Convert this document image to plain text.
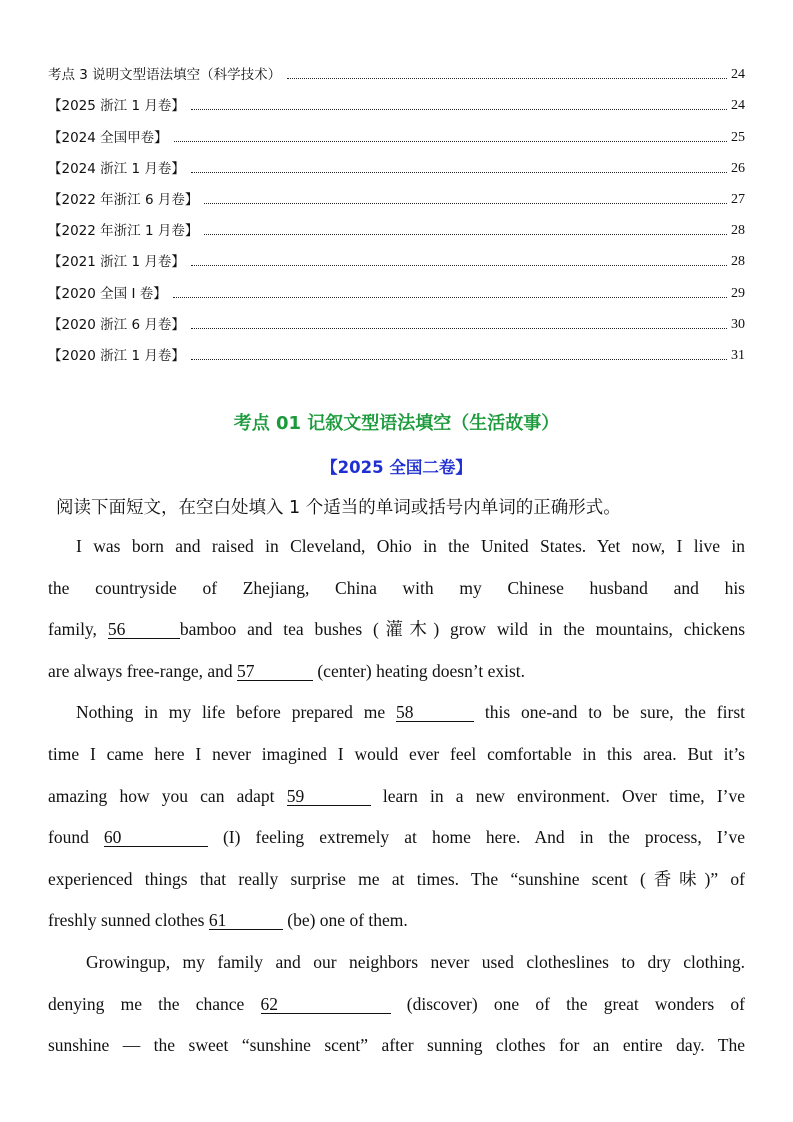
考点 3 说明文型语法填空（科学技术）	24
【2025 浙江 1 月卷】	24
【2024 全国甲卷】	25
【2024 浙江 1 月卷】	26
【2022 年浙江 6 月卷】	27
【2022 年浙江 1 月卷】	28
【2021 浙江 1 月卷】	28
【2020 全国 I 卷】	29
【2020 浙江 6 月卷】	30
【2020 浙江 1 月卷】	31
考点 01 记叙文型语法填空（生活故事）
【2025 全国二卷】
阅读下面短文，在空白处填入 1 个适当的单词或括号内单词的正确形式。

I was born and raised in Cleveland, Ohio in the United States. Yet now, I live in
the countryside of Zhejiang, China with my Chinese husband and his
family, 56	bamboo and tea bushes (灌木) grow wild in the mountains, chickens

are always free-range, and 57	(center) heating doesn’t exist.

Nothing in my life before prepared me 58	this one-and to be sure, the first
time I came here I never imagined I would ever feel comfortable in this area. But it’s
amazing how you can adapt 59	learn in a new environment. Over time, I’ve
found 60	(I) feeling extremely at home here. And in the process, I’ve
experienced things that really surprise me at times. The “sunshine scent (香味)” of

freshly sunned clothes 61	(be) one of them.

Growingup, my family and our neighbors never used clotheslines to dry clothing.
denying me the chance 62	(discover) one of the great wonders of
sunshine — the sweet “sunshine scent” after sunning clothes for an entire day. The
